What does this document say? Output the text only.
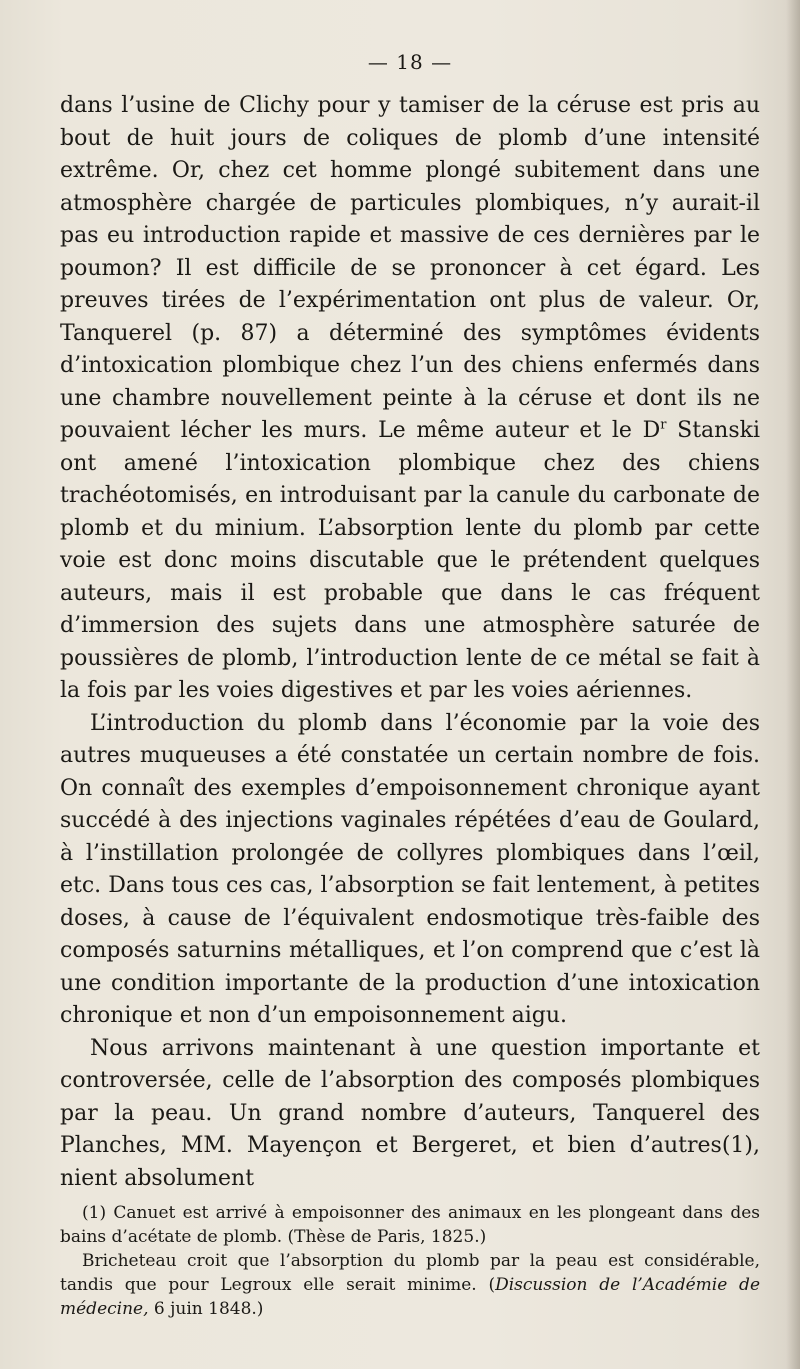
— 18 —

dans l’usine de Clichy pour y tamiser de la céruse est pris au bout de huit jours de coliques de plomb d’une intensité extrême. Or, chez cet homme plongé subitement dans une atmosphère chargée de particules plombiques, n’y aurait-il pas eu introduction rapide et massive de ces dernières par le poumon? Il est difficile de se prononcer à cet égard. Les preuves tirées de l’expérimentation ont plus de valeur. Or, Tanquerel (p. 87) a déterminé des symptômes évidents d’intoxication plombique chez l’un des chiens enfermés dans une chambre nouvellement peinte à la céruse et dont ils ne pouvaient lécher les murs. Le même auteur et le $D^r$ Stanski ont amené l’intoxication plombique chez des chiens trachéotomisés, en introduisant par la canule du carbonate de plomb et du minium. L’absorption lente du plomb par cette voie est donc moins discutable que le prétendent quelques auteurs, mais il est probable que dans le cas fréquent d’immersion des sujets dans une atmosphère saturée de poussières de plomb, l’introduction lente de ce métal se fait à la fois par les voies digestives et par les voies aériennes.

L’introduction du plomb dans l’économie par la voie des autres muqueuses a été constatée un certain nombre de fois. On connaît des exemples d’empoisonnement chronique ayant succédé à des injections vaginales répétées d’eau de Goulard, à l’instillation prolongée de collyres plombiques dans l’œil, etc. Dans tous ces cas, l’absorption se fait lentement, à petites doses, à cause de l’équivalent endosmotique très-faible des composés saturnins métalliques, et l’on comprend que c’est là une condition importante de la production d’une intoxication chronique et non d’un empoisonnement aigu.

Nous arrivons maintenant à une question importante et controversée, celle de l’absorption des composés plombiques par la peau. Un grand nombre d’auteurs, Tanquerel des Planches, MM. Mayençon et Bergeret, et bien d’autres(1), nient absolument

(1) Canuet est arrivé à empoisonner des animaux en les plongeant dans des bains d’acétate de plomb. (Thèse de Paris, 1825.)

Bricheteau croit que l’absorption du plomb par la peau est considérable, tandis que pour Legroux elle serait minime. (Discussion de l’Académie de médecine, 6 juin 1848.)
